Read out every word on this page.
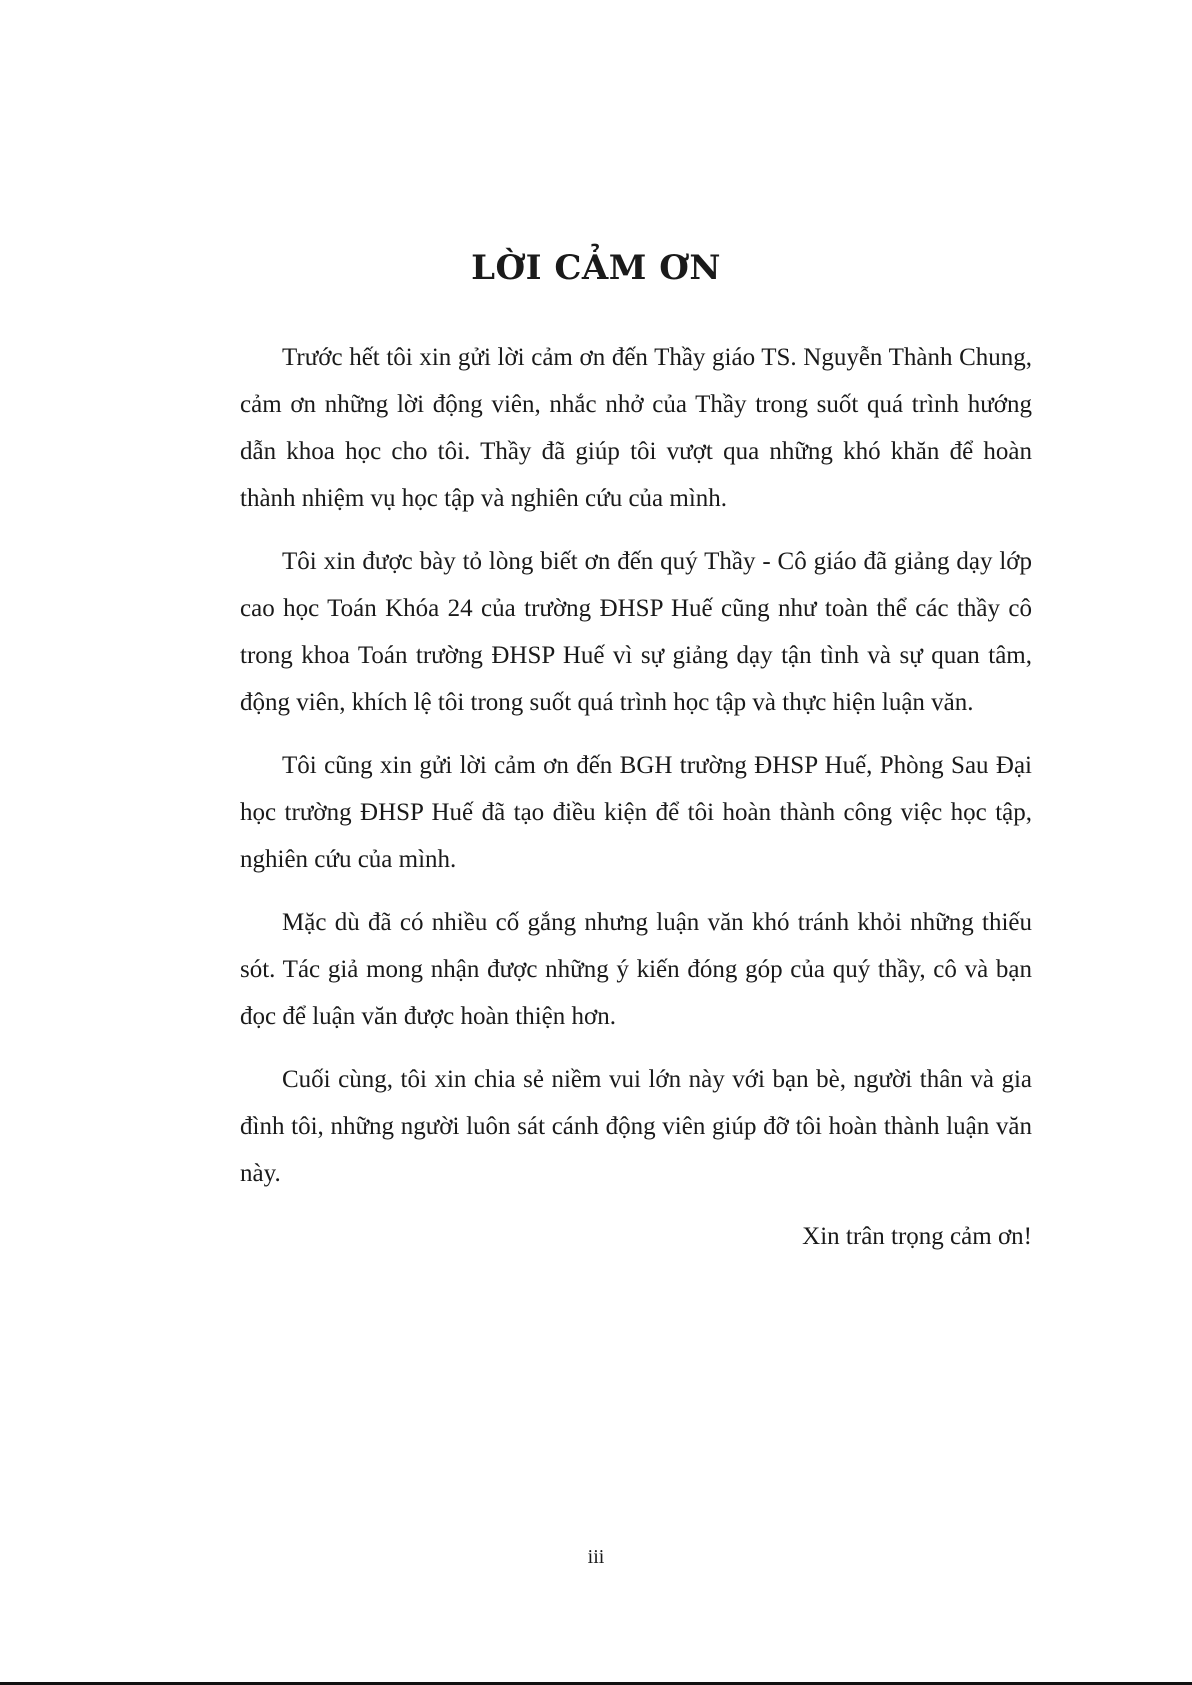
LỜI CẢM ƠN

Trước hết tôi xin gửi lời cảm ơn đến Thầy giáo TS. Nguyễn Thành Chung, cảm ơn những lời động viên, nhắc nhở của Thầy trong suốt quá trình hướng dẫn khoa học cho tôi. Thầy đã giúp tôi vượt qua những khó khăn để hoàn thành nhiệm vụ học tập và nghiên cứu của mình.

Tôi xin được bày tỏ lòng biết ơn đến quý Thầy - Cô giáo đã giảng dạy lớp cao học Toán Khóa 24 của trường ĐHSP Huế cũng như toàn thể các thầy cô trong khoa Toán trường ĐHSP Huế vì sự giảng dạy tận tình và sự quan tâm, động viên, khích lệ tôi trong suốt quá trình học tập và thực hiện luận văn.

Tôi cũng xin gửi lời cảm ơn đến BGH trường ĐHSP Huế, Phòng Sau Đại học trường ĐHSP Huế đã tạo điều kiện để tôi hoàn thành công việc học tập, nghiên cứu của mình.

Mặc dù đã có nhiều cố gắng nhưng luận văn khó tránh khỏi những thiếu sót. Tác giả mong nhận được những ý kiến đóng góp của quý thầy, cô và bạn đọc để luận văn được hoàn thiện hơn.

Cuối cùng, tôi xin chia sẻ niềm vui lớn này với bạn bè, người thân và gia đình tôi, những người luôn sát cánh động viên giúp đỡ tôi hoàn thành luận văn này.

Xin trân trọng cảm ơn!

iii
